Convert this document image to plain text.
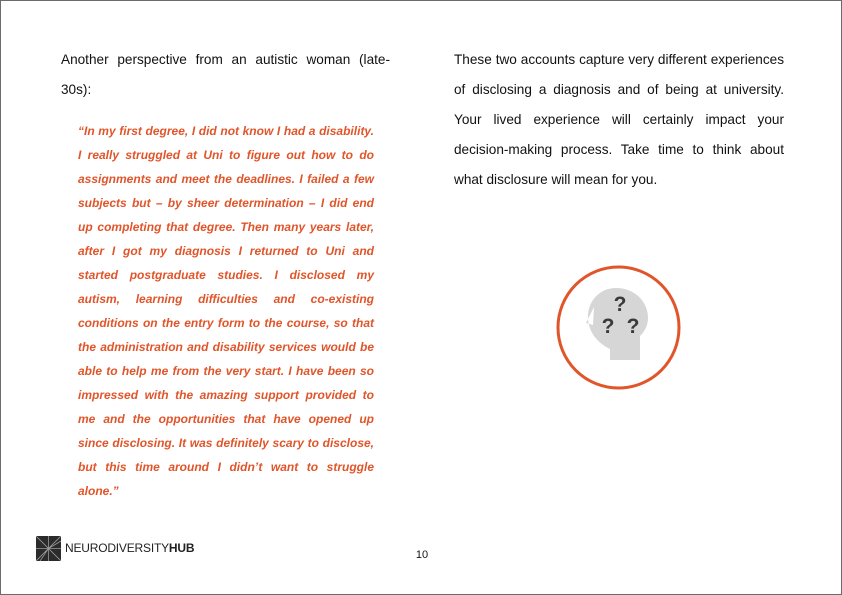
Another perspective from an autistic woman (late-30s):
“In my first degree, I did not know I had a disability. I really struggled at Uni to figure out how to do assignments and meet the deadlines. I failed a few subjects but – by sheer determination – I did end up completing that degree. Then many years later, after I got my diagnosis I returned to Uni and started postgraduate studies. I disclosed my autism, learning difficulties and co-existing conditions on the entry form to the course, so that the administration and disability services would be able to help me from the very start. I have been so impressed with the amazing support provided to me and the opportunities that have opened up since disclosing. It was definitely scary to disclose, but this time around I didn’t want to struggle alone.”
These two accounts capture very different experiences of disclosing a diagnosis and of being at university. Your lived experience will certainly impact your decision-making process. Take time to think about what disclosure will mean for you.
?
? ?
NEURODIVERSITYHUB	10
